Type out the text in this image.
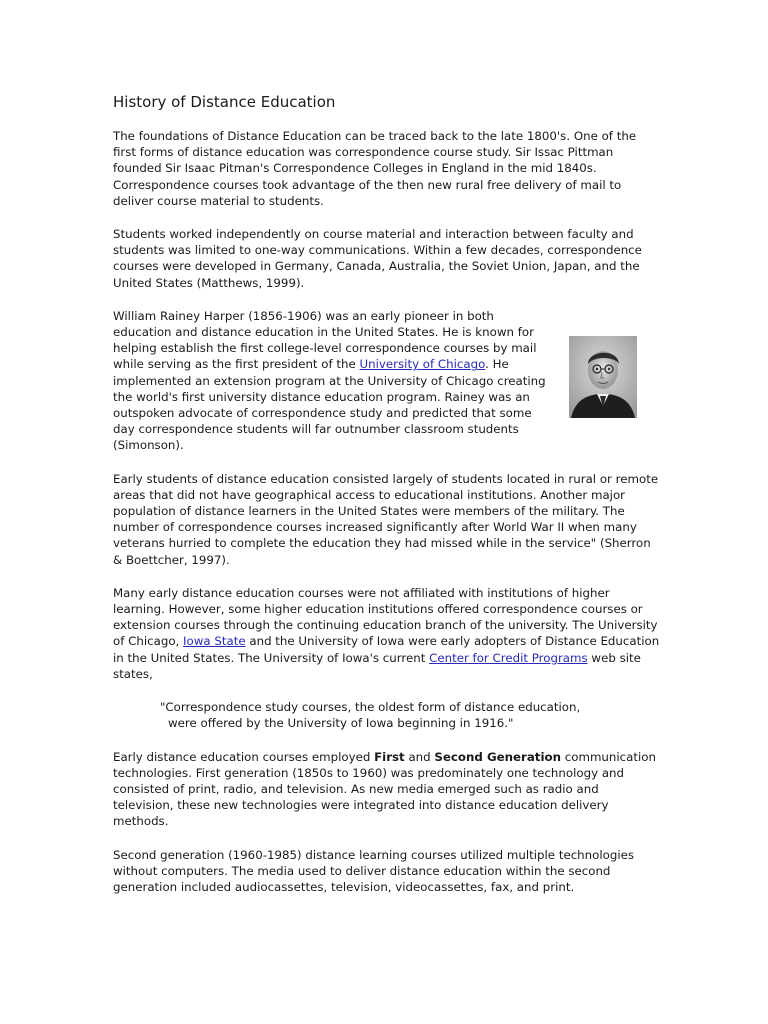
History of Distance Education

The foundations of Distance Education can be traced back to the late 1800's. One of the first forms of distance education was correspondence course study. Sir Issac Pittman founded Sir Isaac Pitman's Correspondence Colleges in England in the mid 1840s. Correspondence courses took advantage of the then new rural free delivery of mail to deliver course material to students.

Students worked independently on course material and interaction between faculty and students was limited to one-way communications. Within a few decades, correspondence courses were developed in Germany, Canada, Australia, the Soviet Union, Japan, and the United States (Matthews, 1999).

William Rainey Harper (1856-1906) was an early pioneer in both education and distance education in the United States. He is known for helping establish the first college-level correspondence courses by mail while serving as the first president of the University of Chicago. He implemented an extension program at the University of Chicago creating the world's first university distance education program. Rainey was an outspoken advocate of correspondence study and predicted that some day correspondence students will far outnumber classroom students (Simonson).

Early students of distance education consisted largely of students located in rural or remote areas that did not have geographical access to educational institutions. Another major population of distance learners in the United States were members of the military. The number of correspondence courses increased significantly after World War II when many veterans hurried to complete the education they had missed while in the service" (Sherron & Boettcher, 1997).

Many early distance education courses were not affiliated with institutions of higher learning. However, some higher education institutions offered correspondence courses or extension courses through the continuing education branch of the university. The University of Chicago, Iowa State and the University of Iowa were early adopters of Distance Education in the United States. The University of Iowa's current Center for Credit Programs web site states,

"Correspondence study courses, the oldest form of distance education,
were offered by the University of Iowa beginning in 1916."

Early distance education courses employed First and Second Generation communication technologies. First generation (1850s to 1960) was predominately one technology and consisted of print, radio, and television. As new media emerged such as radio and television, these new technologies were integrated into distance education delivery methods.

Second generation (1960-1985) distance learning courses utilized multiple technologies without computers. The media used to deliver distance education within the second generation included audiocassettes, television, videocassettes, fax, and print.
